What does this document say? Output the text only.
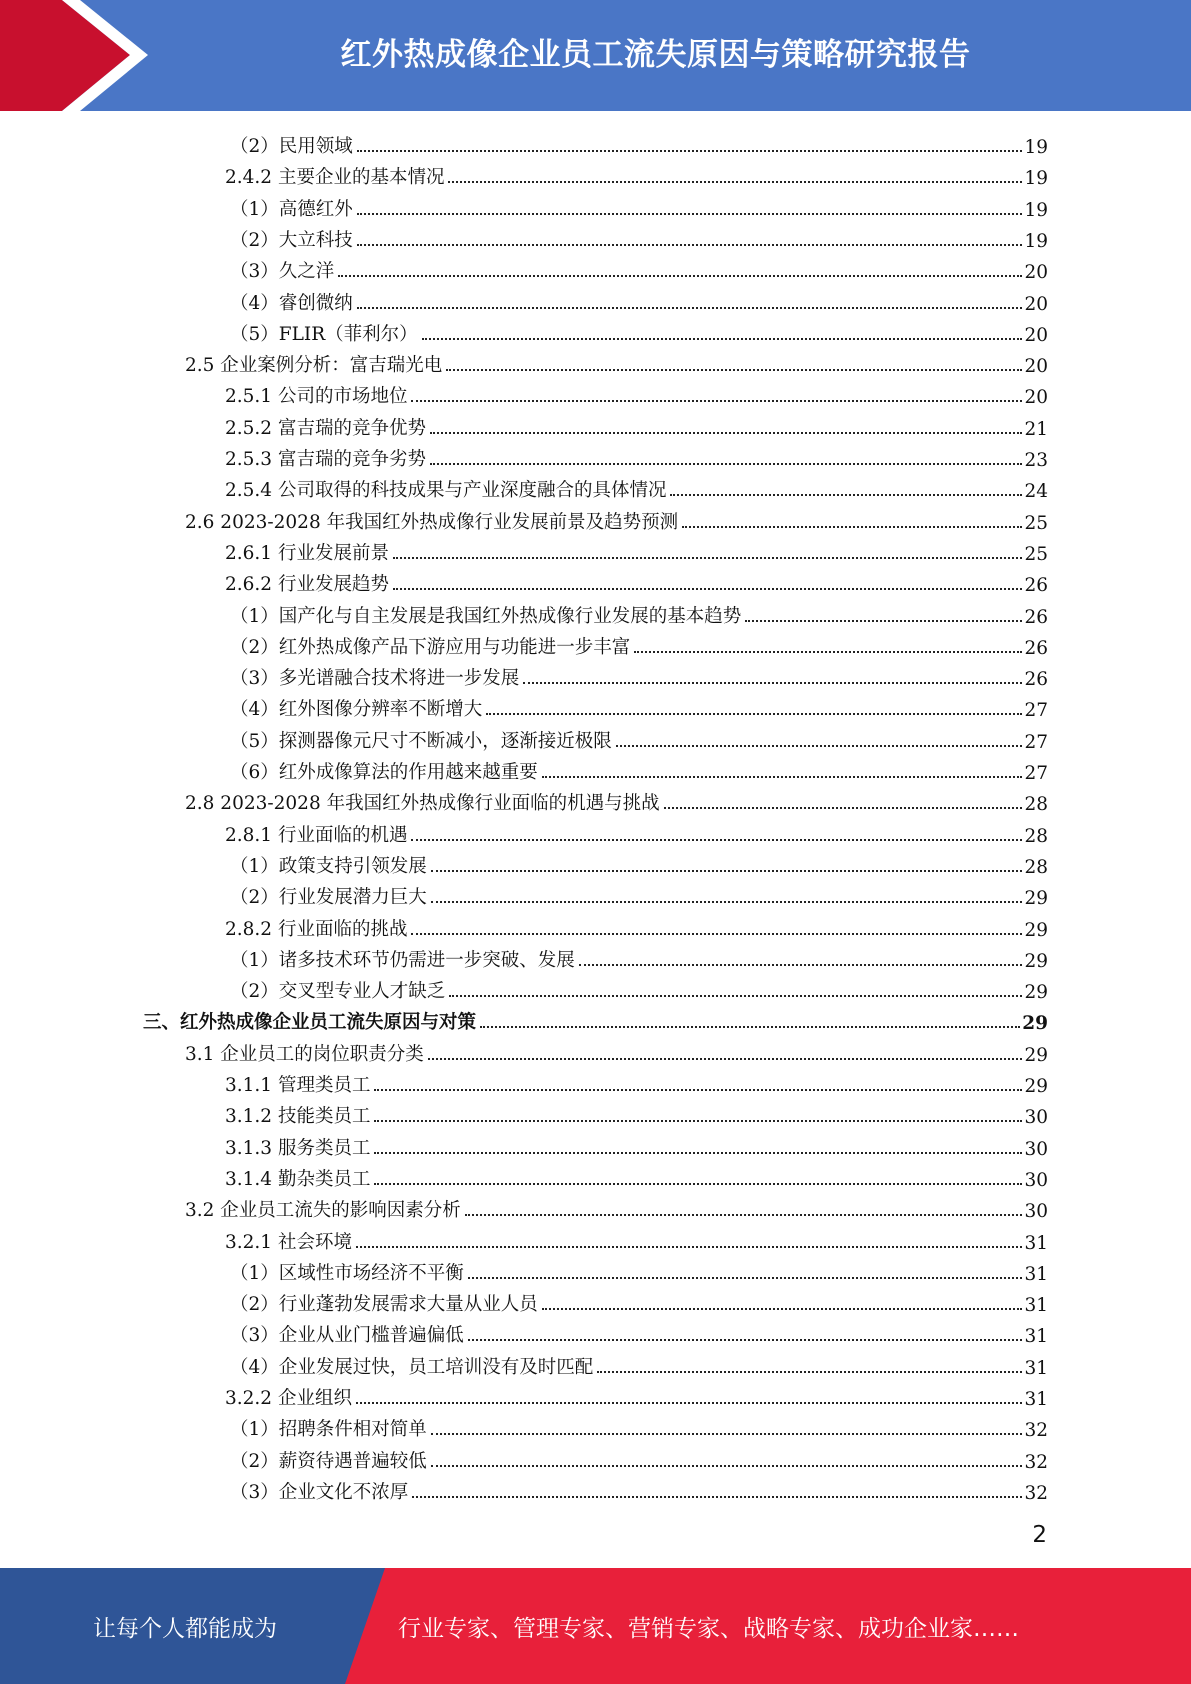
红外热成像企业员工流失原因与策略研究报告
（2）民用领域	19
2.4.2 主要企业的基本情况	19
（1）高德红外	19
（2）大立科技	19
（3）久之洋	20
（4）睿创微纳	20
（5）FLIR（菲利尔）	20
2.5 企业案例分析：富吉瑞光电	20
2.5.1 公司的市场地位	20
2.5.2 富吉瑞的竞争优势	21
2.5.3 富吉瑞的竞争劣势	23
2.5.4 公司取得的科技成果与产业深度融合的具体情况	24
2.6 2023-2028 年我国红外热成像行业发展前景及趋势预测	25
2.6.1 行业发展前景	25
2.6.2 行业发展趋势	26
（1）国产化与自主发展是我国红外热成像行业发展的基本趋势	26
（2）红外热成像产品下游应用与功能进一步丰富	26
（3）多光谱融合技术将进一步发展	26
（4）红外图像分辨率不断增大	27
（5）探测器像元尺寸不断减小，逐渐接近极限	27
（6）红外成像算法的作用越来越重要	27
2.8 2023-2028 年我国红外热成像行业面临的机遇与挑战	28
2.8.1 行业面临的机遇	28
（1）政策支持引领发展	28
（2）行业发展潜力巨大	29
2.8.2 行业面临的挑战	29
（1）诸多技术环节仍需进一步突破、发展	29
（2）交叉型专业人才缺乏	29
三、红外热成像企业员工流失原因与对策	29
3.1 企业员工的岗位职责分类	29
3.1.1 管理类员工	29
3.1.2 技能类员工	30
3.1.3 服务类员工	30
3.1.4 勤杂类员工	30
3.2 企业员工流失的影响因素分析	30
3.2.1 社会环境	31
（1）区域性市场经济不平衡	31
（2）行业蓬勃发展需求大量从业人员	31
（3）企业从业门槛普遍偏低	31
（4）企业发展过快，员工培训没有及时匹配	31
3.2.2 企业组织	31
（1）招聘条件相对简单	32
（2）薪资待遇普遍较低	32
（3）企业文化不浓厚	32
2
让每个人都能成为	行业专家、管理专家、营销专家、战略专家、成功企业家……
